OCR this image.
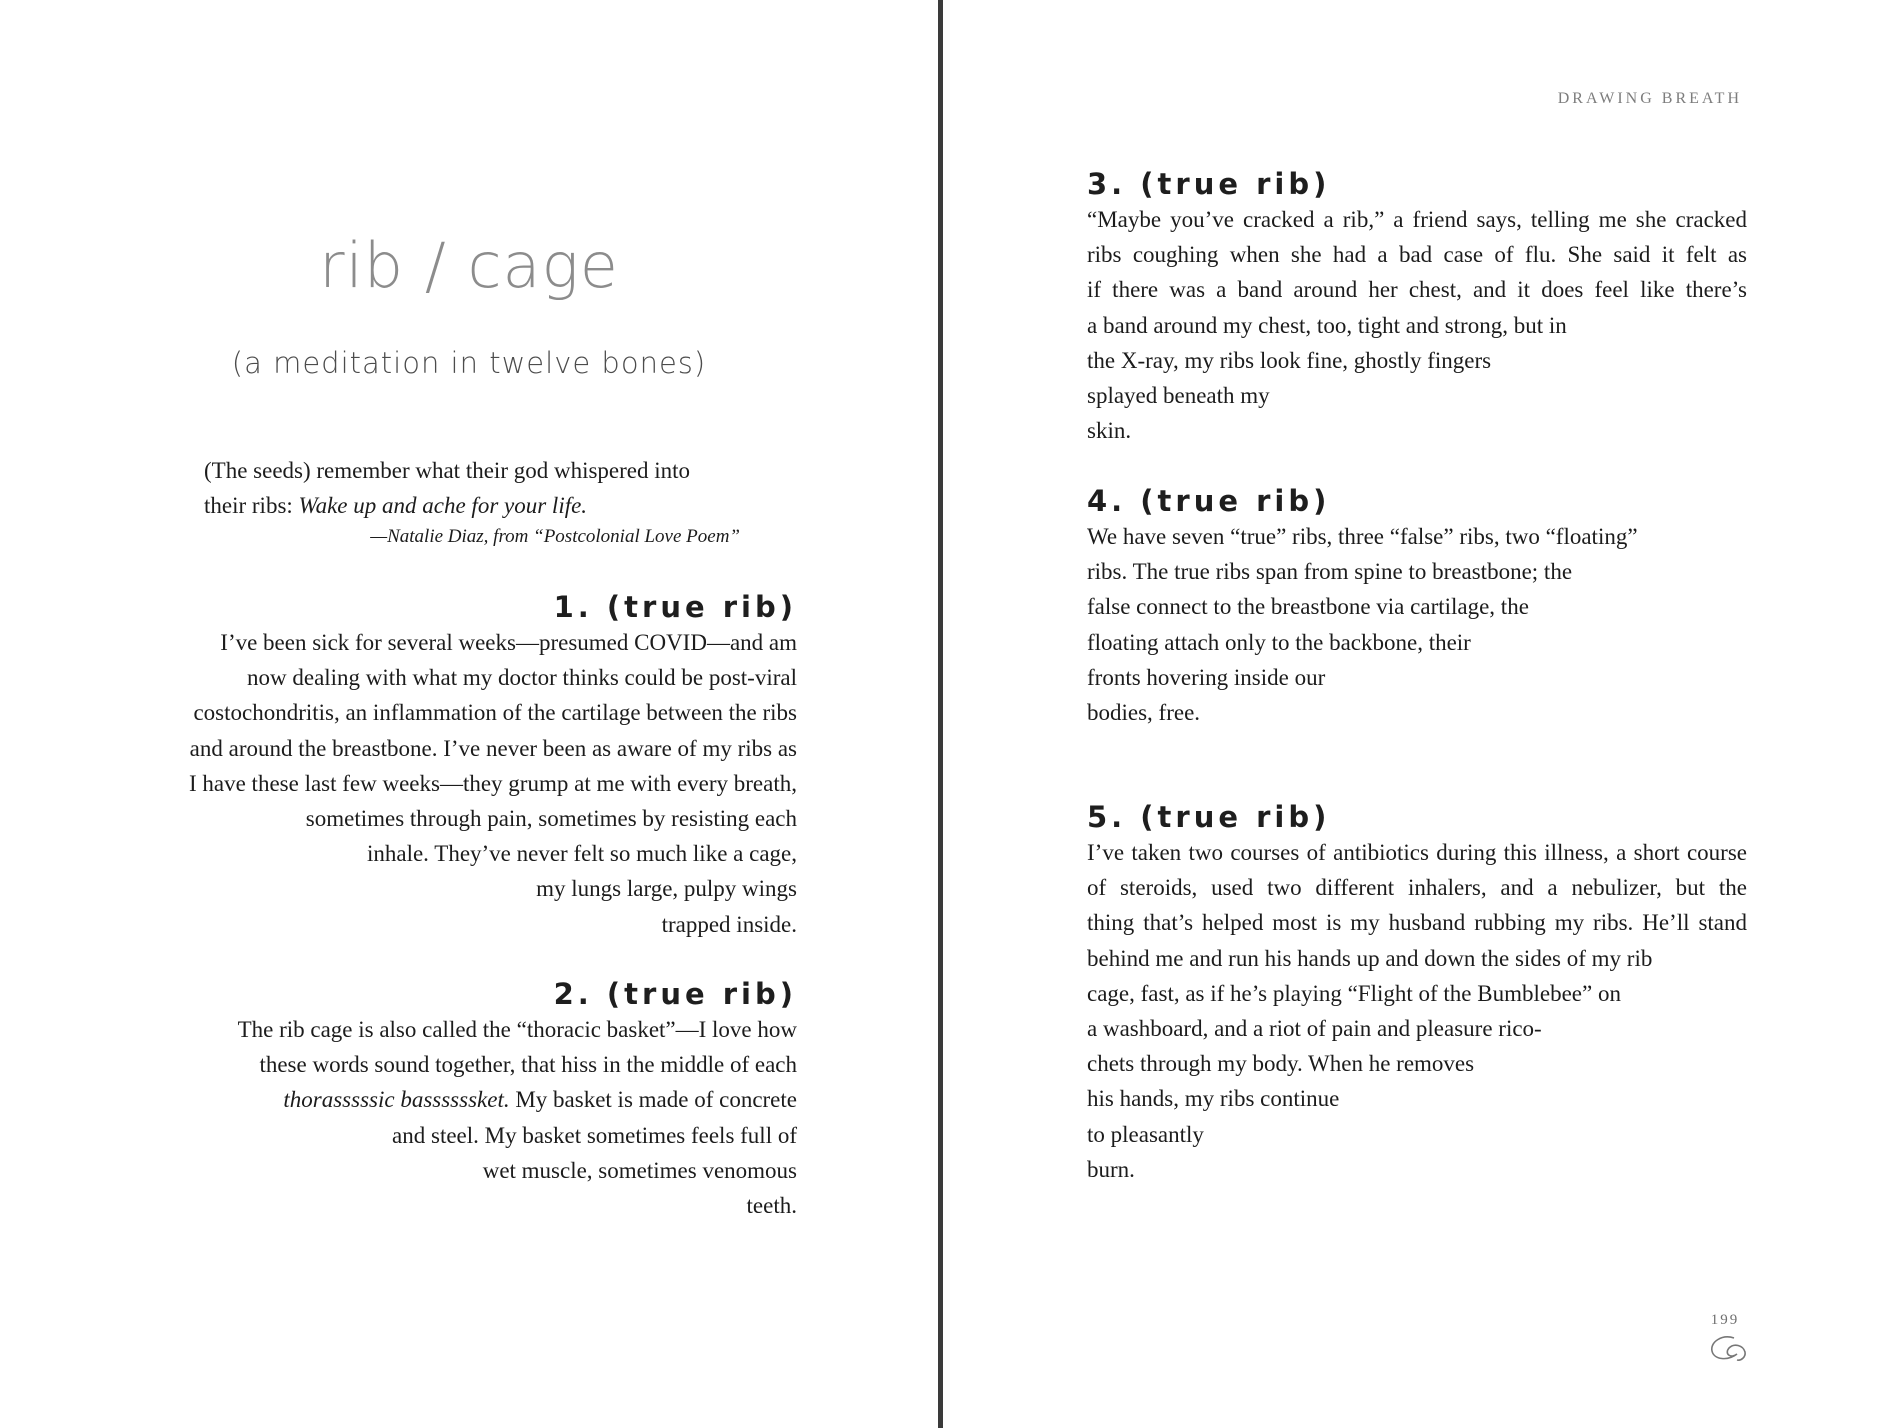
rib / cage
(a meditation in twelve bones)
(The seeds) remember what their god whispered into
their ribs: Wake up and ache for your life.
—Natalie Diaz, from “Postcolonial Love Poem”
1. (true rib)
I’ve been sick for several weeks—presumed COVID—and am
now dealing with what my doctor thinks could be post-viral
costochondritis, an inflammation of the cartilage between the ribs
and around the breastbone. I’ve never been as aware of my ribs as
I have these last few weeks—they grump at me with every breath,
sometimes through pain, sometimes by resisting each
inhale. They’ve never felt so much like a cage,
my lungs large, pulpy wings
trapped inside.
2. (true rib)
The rib cage is also called the “thoracic basket”—I love how
these words sound together, that hiss in the middle of each
thorasssssic bassssssket. My basket is made of concrete
and steel. My basket sometimes feels full of
wet muscle, sometimes venomous
teeth.
DRAWING BREATH
3. (true rib)
“Maybe you’ve cracked a rib,” a friend says, telling me she cracked
ribs coughing when she had a bad case of flu. She said it felt as
if there was a band around her chest, and it does feel like there’s
a band around my chest, too, tight and strong, but in
the X-ray, my ribs look fine, ghostly fingers
splayed beneath my
skin.
4. (true rib)
We have seven “true” ribs, three “false” ribs, two “floating”
ribs. The true ribs span from spine to breastbone; the
false connect to the breastbone via cartilage, the
floating attach only to the backbone, their
fronts hovering inside our
bodies, free.
5. (true rib)
I’ve taken two courses of antibiotics during this illness, a short course
of steroids, used two different inhalers, and a nebulizer, but the
thing that’s helped most is my husband rubbing my ribs. He’ll stand
behind me and run his hands up and down the sides of my rib
cage, fast, as if he’s playing “Flight of the Bumblebee” on
a washboard, and a riot of pain and pleasure rico-
chets through my body. When he removes
his hands, my ribs continue
to pleasantly
burn.
199
